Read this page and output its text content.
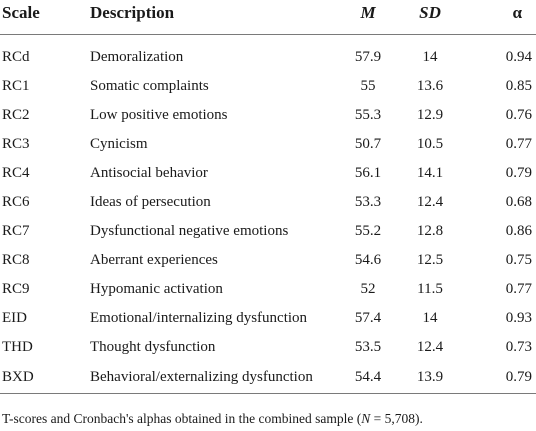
Scale	Description	M	SD	α
RCd	Demoralization	57.9	14	0.94
RC1	Somatic complaints	55	13.6	0.85
RC2	Low positive emotions	55.3	12.9	0.76
RC3	Cynicism	50.7	10.5	0.77
RC4	Antisocial behavior	56.1	14.1	0.79
RC6	Ideas of persecution	53.3	12.4	0.68
RC7	Dysfunctional negative emotions	55.2	12.8	0.86
RC8	Aberrant experiences	54.6	12.5	0.75
RC9	Hypomanic activation	52	11.5	0.77
EID	Emotional/internalizing dysfunction	57.4	14	0.93
THD	Thought dysfunction	53.5	12.4	0.73
BXD	Behavioral/externalizing dysfunction	54.4	13.9	0.79
T-scores and Cronbach's alphas obtained in the combined sample (N = 5,708).
